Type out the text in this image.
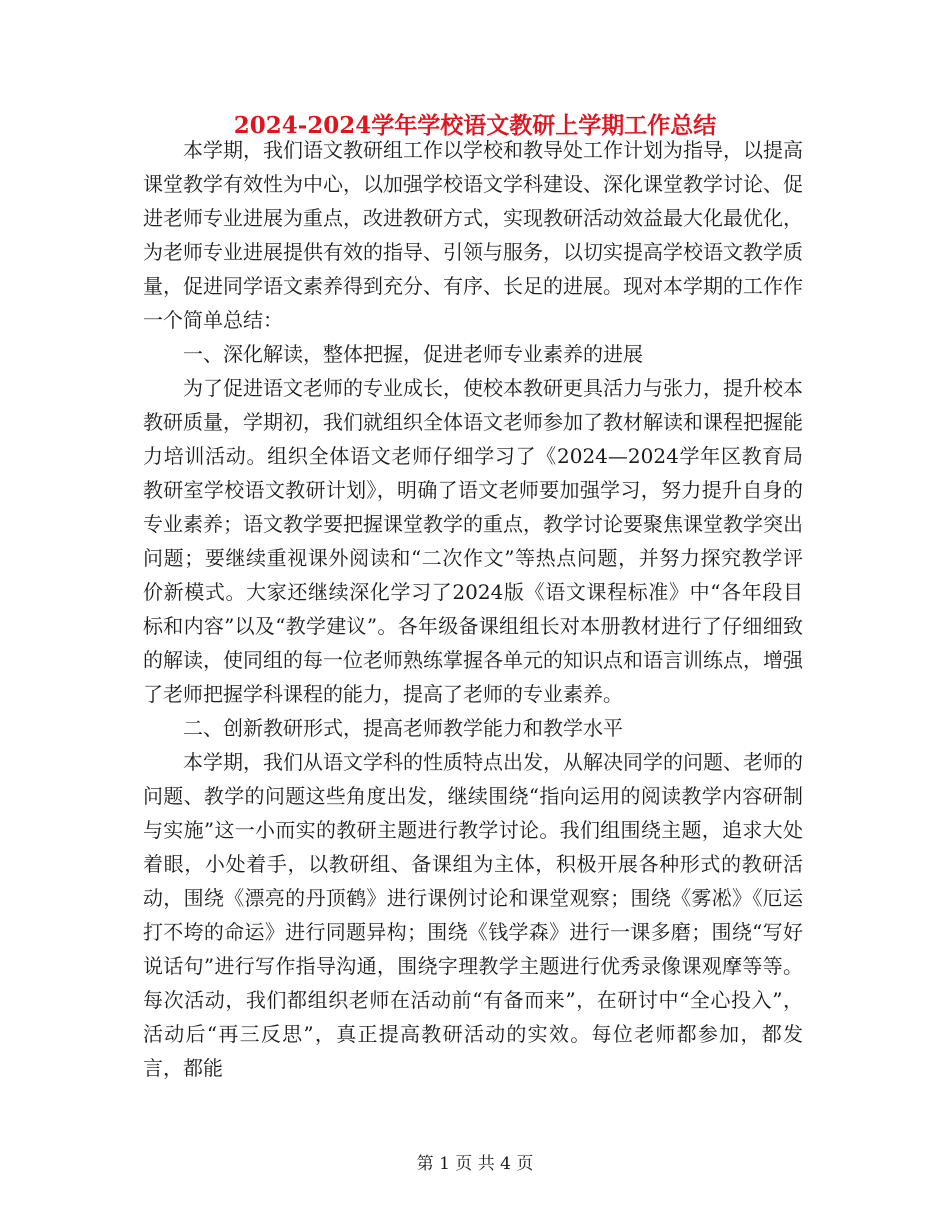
2024-2024学年学校语文教研上学期工作总结

本学期，我们语文教研组工作以学校和教导处工作计划为指导，以提高课堂教学有效性为中心，以加强学校语文学科建设、深化课堂教学讨论、促进老师专业进展为重点，改进教研方式，实现教研活动效益最大化最优化，为老师专业进展提供有效的指导、引领与服务，以切实提高学校语文教学质量，促进同学语文素养得到充分、有序、长足的进展。现对本学期的工作作一个简单总结：

一、深化解读，整体把握，促进老师专业素养的进展

为了促进语文老师的专业成长，使校本教研更具活力与张力，提升校本教研质量，学期初，我们就组织全体语文老师参加了教材解读和课程把握能力培训活动。组织全体语文老师仔细学习了《2024—2024学年区教育局教研室学校语文教研计划》，明确了语文老师要加强学习，努力提升自身的专业素养；语文教学要把握课堂教学的重点，教学讨论要聚焦课堂教学突出问题；要继续重视课外阅读和“二次作文”等热点问题，并努力探究教学评价新模式。大家还继续深化学习了2024版《语文课程标准》中“各年段目标和内容”以及“教学建议”。各年级备课组组长对本册教材进行了仔细细致的解读，使同组的每一位老师熟练掌握各单元的知识点和语言训练点，增强了老师把握学科课程的能力，提高了老师的专业素养。

二、创新教研形式，提高老师教学能力和教学水平

本学期，我们从语文学科的性质特点出发，从解决同学的问题、老师的问题、教学的问题这些角度出发，继续围绕“指向运用的阅读教学内容研制与实施”这一小而实的教研主题进行教学讨论。我们组围绕主题，追求大处着眼，小处着手，以教研组、备课组为主体，积极开展各种形式的教研活动，围绕《漂亮的丹顶鹤》进行课例讨论和课堂观察；围绕《雾凇》《厄运打不垮的命运》进行同题异构；围绕《钱学森》进行一课多磨；围绕“写好说话句”进行写作指导沟通，围绕字理教学主题进行优秀录像课观摩等等。每次活动，我们都组织老师在活动前“有备而来”，在研讨中“全心投入”，活动后“再三反思”，真正提高教研活动的实效。每位老师都参加，都发言，都能

第 1 页 共 4 页
